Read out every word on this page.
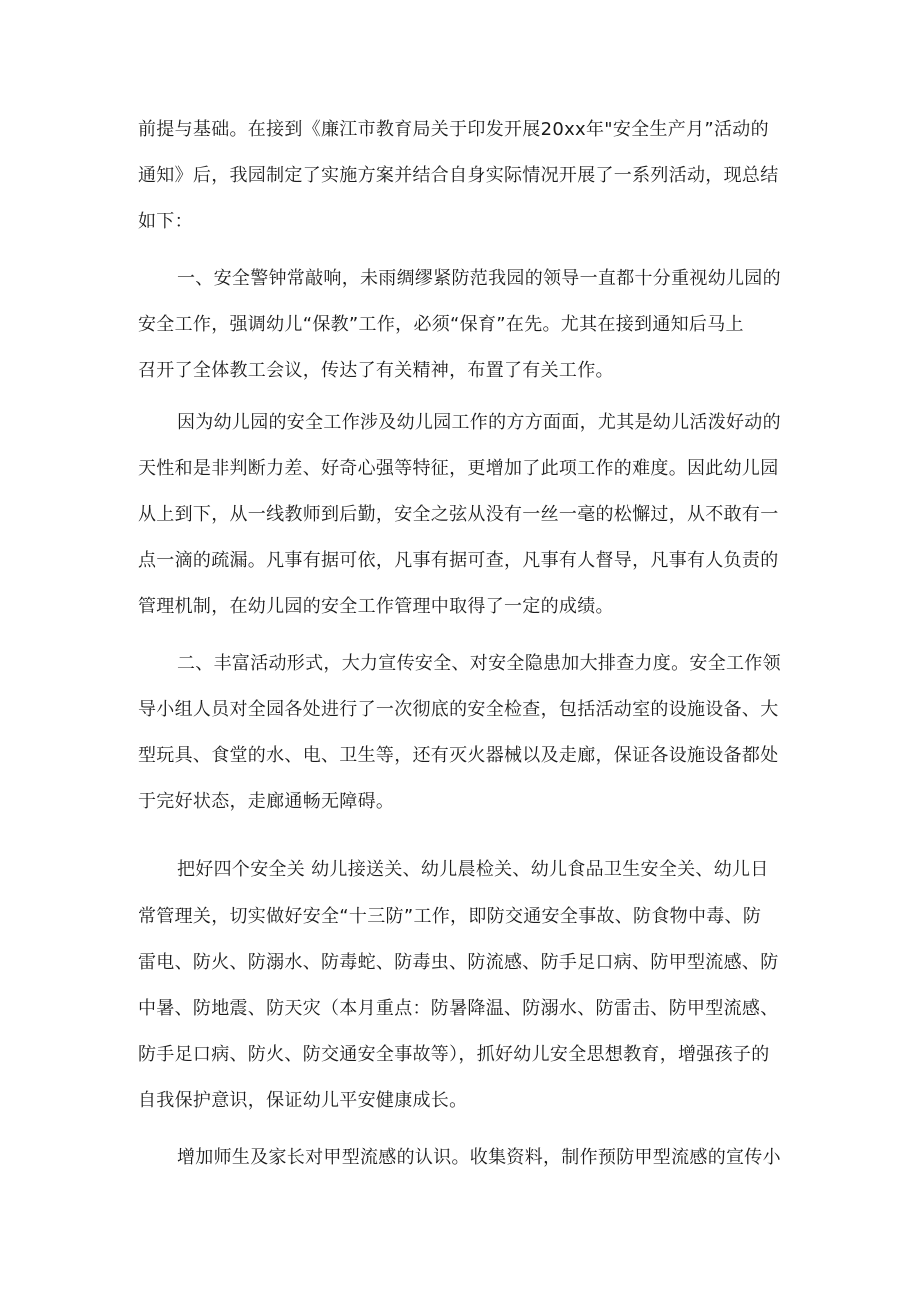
前提与基础。在接到《廉江市教育局关于印发开展20xx年"安全生产月”活动的
通知》后，我园制定了实施方案并结合自身实际情况开展了一系列活动，现总结
如下：
一、安全警钟常敲响，未雨绸缪紧防范我园的领导一直都十分重视幼儿园的
安全工作，强调幼儿“保教”工作，必须“保育”在先。尤其在接到通知后马上
召开了全体教工会议，传达了有关精神，布置了有关工作。
因为幼儿园的安全工作涉及幼儿园工作的方方面面，尤其是幼儿活泼好动的
天性和是非判断力差、好奇心强等特征，更增加了此项工作的难度。因此幼儿园
从上到下，从一线教师到后勤，安全之弦从没有一丝一毫的松懈过，从不敢有一
点一滴的疏漏。凡事有据可依，凡事有据可查，凡事有人督导，凡事有人负责的
管理机制，在幼儿园的安全工作管理中取得了一定的成绩。
二、丰富活动形式，大力宣传安全、对安全隐患加大排查力度。安全工作领
导小组人员对全园各处进行了一次彻底的安全检查，包括活动室的设施设备、大
型玩具、食堂的水、电、卫生等，还有灭火器械以及走廊，保证各设施设备都处
于完好状态，走廊通畅无障碍。
把好四个安全关 幼儿接送关、幼儿晨检关、幼儿食品卫生安全关、幼儿日
常管理关，切实做好安全“十三防”工作，即防交通安全事故、防食物中毒、防
雷电、防火、防溺水、防毒蛇、防毒虫、防流感、防手足口病、防甲型流感、防
中暑、防地震、防天灾（本月重点：防暑降温、防溺水、防雷击、防甲型流感、
防手足口病、防火、防交通安全事故等），抓好幼儿安全思想教育，增强孩子的
自我保护意识，保证幼儿平安健康成长。
增加师生及家长对甲型流感的认识。收集资料，制作预防甲型流感的宣传小
